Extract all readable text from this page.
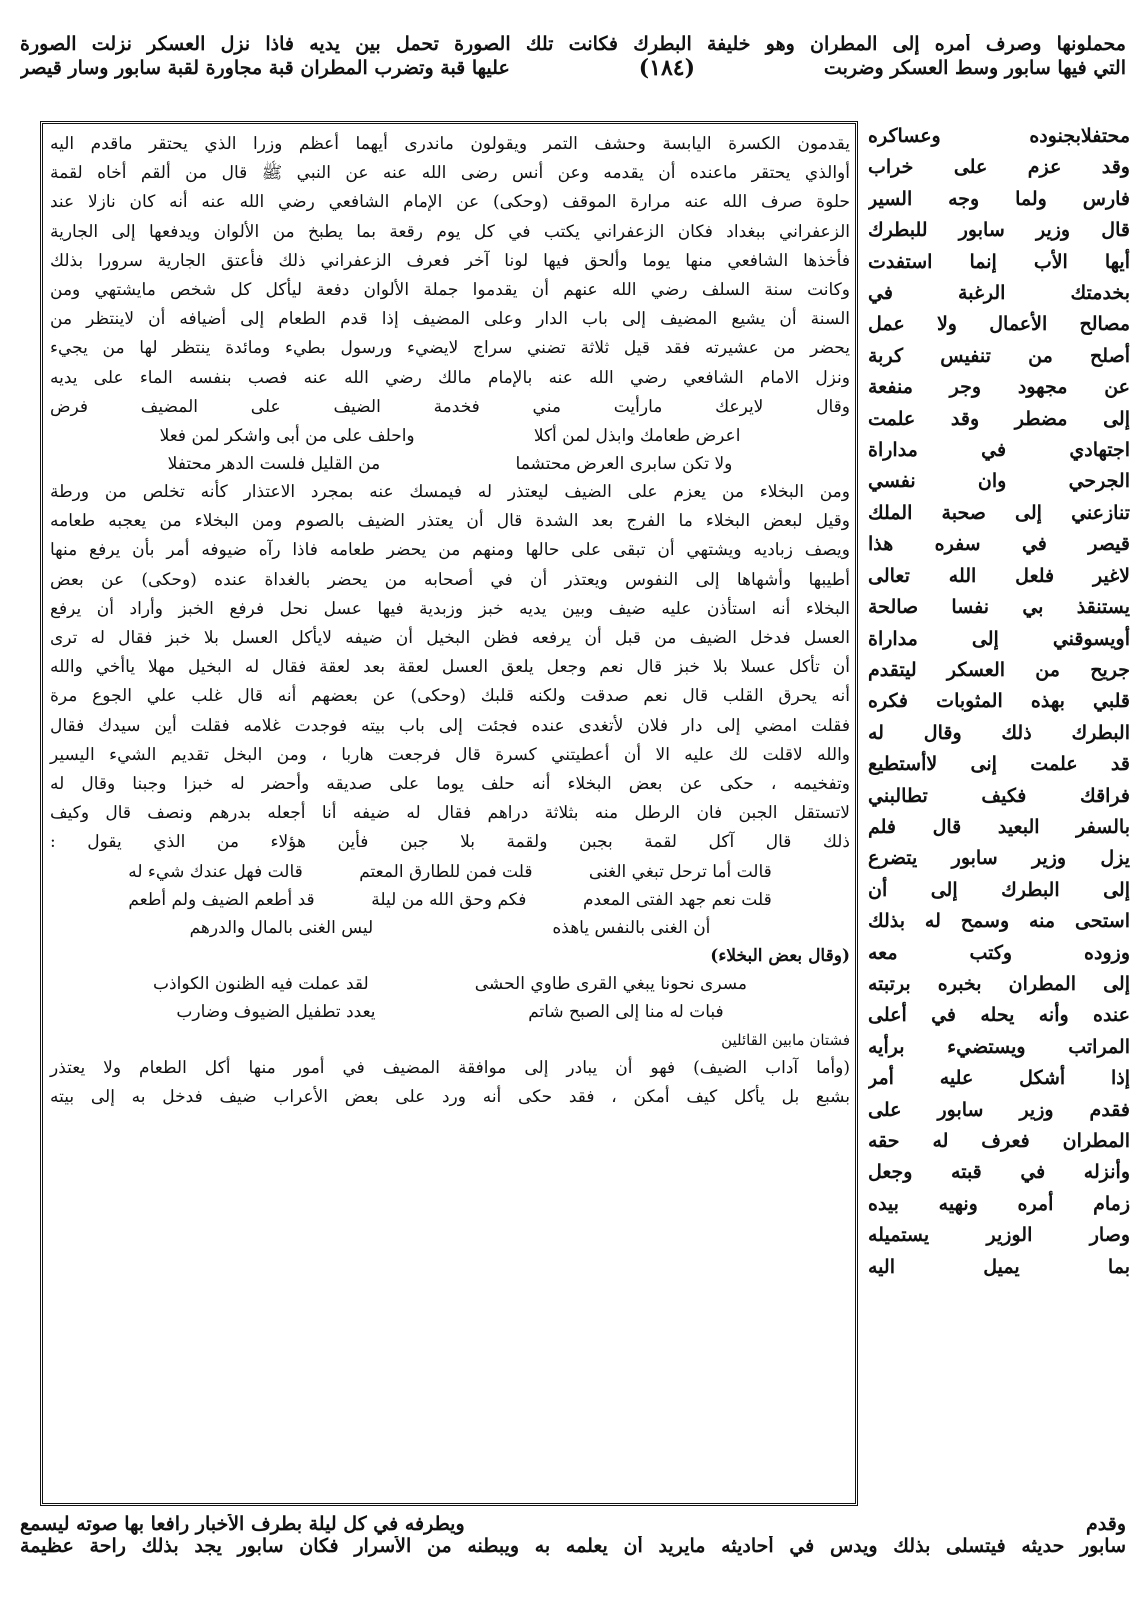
محملونها وصرف أمره إلى المطران وهو خليفة البطرك فكانت تلك الصورة تحمل بين يديه فاذا نزل العسكر نزلت الصورة
التي فيها سابور وسط العسكر وضربت
(١٨٤)
عليها قبة وتضرب المطران قبة مجاورة لقبة سابور وسار قيصر
محتفلابجنوده وعساكره
وقد عزم على خراب
فارس ولما وجه السير
قال وزير سابور للبطرك
أيها الأب إنما استفدت
بخدمتك الرغبة في
مصالح الأعمال ولا عمل
أصلح من تنفيس كربة
عن مجهود وجر منفعة
إلى مضطر وقد علمت
اجتهادي في مداراة
الجرحي وان نفسي
تنازعني إلى صحبة الملك
قيصر في سفره هذا
لاغير فلعل الله تعالى
يستنقذ بي نفسا صالحة
أويسوقني إلى مداراة
جريح من العسكر ليتقدم
قلبي بهذه المثوبات فكره
البطرك ذلك وقال له
قد علمت إنى لاأستطيع
فراقك فكيف تطالبني
بالسفر البعيد قال فلم
يزل وزير سابور يتضرع
إلى البطرك إلى أن
استحى منه وسمح له بذلك
وزوده وكتب معه
إلى المطران بخبره برتبته
عنده وأنه يحله في أعلى
المراتب ويستضيء برأيه
إذا أشكل عليه أمر
فقدم وزير سابور على
المطران فعرف له حقه
وأنزله في قبته وجعل
زمام أمره ونهيه بيده
وصار الوزير يستميله
بما يميل اليه
يقدمون الكسرة اليابسة وحشف التمر ويقولون ماندرى أيهما أعظم وزرا الذي يحتقر ماقدم اليه
أوالذي يحتقر ماعنده أن يقدمه وعن أنس رضى الله عنه عن النبي ﷺ قال من ألقم أخاه لقمة
حلوة صرف الله عنه مرارة الموقف (وحكى) عن الإمام الشافعي رضي الله عنه أنه كان نازلا عند
الزعفراني ببغداد فكان الزعفراني يكتب في كل يوم رقعة بما يطبخ من الألوان ويدفعها إلى الجارية
فأخذها الشافعي منها يوما وألحق فيها لونا آخر فعرف الزعفراني ذلك فأعتق الجارية سرورا بذلك
وكانت سنة السلف رضي الله عنهم أن يقدموا جملة الألوان دفعة ليأكل كل شخص مايشتهي ومن
السنة أن يشيع المضيف إلى باب الدار وعلى المضيف إذا قدم الطعام إلى أضيافه أن لاينتظر من
يحضر من عشيرته فقد قيل ثلاثة تضني سراج لايضيء ورسول بطيء ومائدة ينتظر لها من يجيء
ونزل الامام الشافعي رضي الله عنه بالإمام مالك رضي الله عنه فصب بنفسه الماء على يديه
وقال لايرعك مارأيت مني فخدمة الضيف على المضيف فرض
اعرض طعامك وابذل لمن أكلا
واحلف على من أبى واشكر لمن فعلا
ولا تكن سابرى العرض محتشما
من القليل فلست الدهر محتفلا
ومن البخلاء من يعزم على الضيف ليعتذر له فيمسك عنه بمجرد الاعتذار كأنه تخلص من ورطة
وقيل لبعض البخلاء ما الفرج بعد الشدة قال أن يعتذر الضيف بالصوم ومن البخلاء من يعجبه طعامه
ويصف زباديه ويشتهي أن تبقى على حالها ومنهم من يحضر طعامه فاذا رآه ضيوفه أمر بأن يرفع منها
أطيبها وأشهاها إلى النفوس ويعتذر أن في أصحابه من يحضر بالغداة عنده (وحكى) عن بعض
البخلاء أنه استأذن عليه ضيف وبين يديه خبز وزبدية فيها عسل نحل فرفع الخبز وأراد أن يرفع
العسل فدخل الضيف من قبل أن يرفعه فظن البخيل أن ضيفه لايأكل العسل بلا خبز فقال له ترى
أن تأكل عسلا بلا خبز قال نعم وجعل يلعق العسل لعقة بعد لعقة فقال له البخيل مهلا ياأخي والله
أنه يحرق القلب قال نعم صدقت ولكنه قلبك (وحكى) عن بعضهم أنه قال غلب علي الجوع مرة
فقلت امضي إلى دار فلان لأتغدى عنده فجئت إلى باب بيته فوجدت غلامه فقلت أين سيدك فقال
والله لاقلت لك عليه الا أن أعطيتني كسرة قال فرجعت هاربا ، ومن البخل تقديم الشيء اليسير
وتفخيمه ، حكى عن بعض البخلاء أنه حلف يوما على صديقه وأحضر له خبزا وجبنا وقال له
لاتستقل الجبن فان الرطل منه بثلاثة دراهم فقال له ضيفه أنا أجعله بدرهم ونصف قال وكيف
ذلك قال آكل لقمة بجبن ولقمة بلا جبن فأين هؤلاء من الذي يقول :
قالت أما ترحل تبغي الغنى
قلت فمن للطارق المعتم
قالت فهل عندك شيء له
قلت نعم جهد الفتى المعدم
فكم وحق الله من ليلة
قد أطعم الضيف ولم أطعم
أن الغنى بالنفس ياهذه
ليس الغنى بالمال والدرهم
(وقال بعض البخلاء)
مسرى نحونا يبغي القرى طاوي الحشى
لقد عملت فيه الظنون الكواذب
فبات له منا إلى الصبح شاتم
يعدد تطفيل الضيوف وضارب
فشتان مابين القائلين
(وأما آداب الضيف) فهو أن يبادر إلى موافقة المضيف في أمور منها أكل الطعام ولا يعتذر
بشبع بل يأكل كيف أمكن ، فقد حكى أنه ورد على بعض الأعراب ضيف فدخل به إلى بيته
وقدم
ويطرفه في كل ليلة بطرف الأخبار رافعا بها صوته ليسمع
سابور حديثه فيتسلى بذلك ويدس في أحاديثه مايريد أن يعلمه به ويبطنه من الأسرار فكان سابور يجد بذلك راحة عظيمة
